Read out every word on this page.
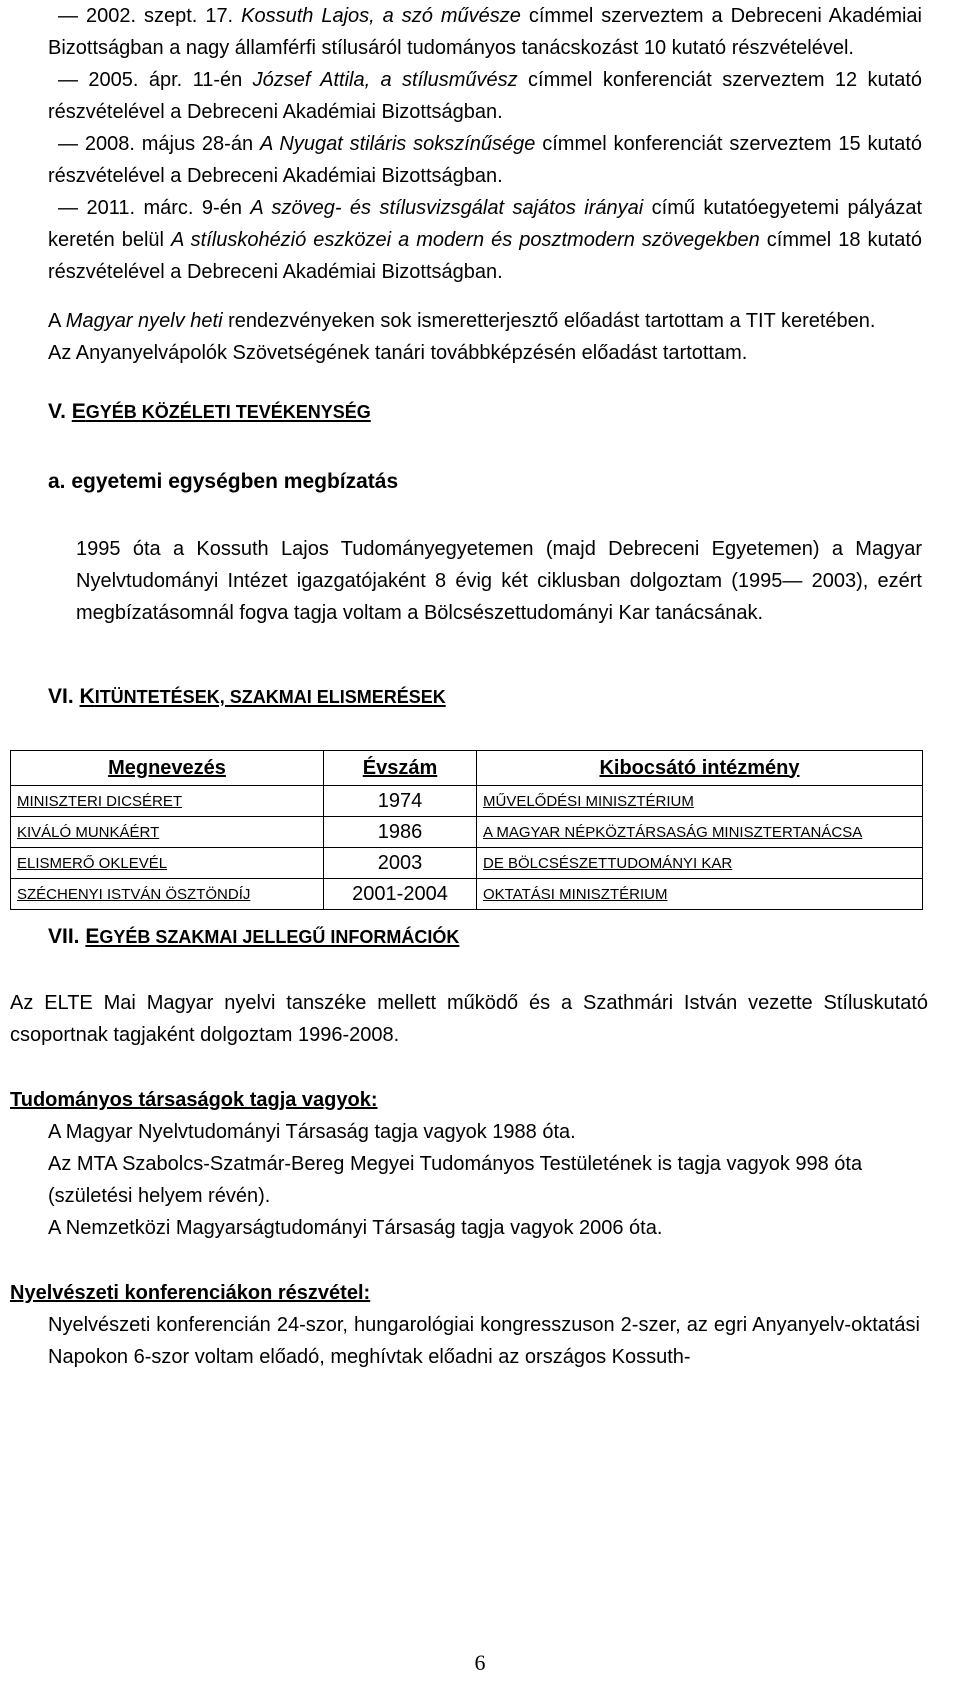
— 2002. szept. 17. Kossuth Lajos, a szó művésze címmel szerveztem a Debreceni Akadémiai Bizottságban a nagy államférfi stílusáról tudományos tanácskozást 10 kutató részvételével.
— 2005. ápr. 11-én József Attila, a stílusművész címmel konferenciát szerveztem 12 kutató részvételével a Debreceni Akadémiai Bizottságban.
— 2008. május 28-án A Nyugat stiláris sokszínűsége címmel konferenciát szerveztem 15 kutató részvételével a Debreceni Akadémiai Bizottságban.
— 2011. márc. 9-én A szöveg- és stílusvizsgálat sajátos irányai című kutatóegyetemi pályázat keretén belül A stíluskohézió eszközei a modern és posztmodern szövegekben címmel 18 kutató részvételével a Debreceni Akadémiai Bizottságban.
A Magyar nyelv heti rendezvényeken sok ismeretterjesztő előadást tartottam a TIT keretében.
Az Anyanyelvápolók Szövetségének tanári továbbképzésén előadást tartottam.
V. EGYÉB KÖZÉLETI TEVÉKENYSÉG
a. egyetemi egységben megbízatás
1995 óta a Kossuth Lajos Tudományegyetemen (majd Debreceni Egyetemen) a Magyar Nyelvtudományi Intézet igazgatójaként 8 évig két ciklusban dolgoztam (1995— 2003), ezért megbízatásomnál fogva tagja voltam a Bölcsészettudományi Kar tanácsának.
VI. KITÜNTETÉSEK, SZAKMAI ELISMERÉSEK
Megnevezés	Évszám	Kibocsátó intézmény
MINISZTERI DICSÉRET	1974	MŰVELŐDÉSI MINISZTÉRIUM
KIVÁLÓ MUNKÁÉRT	1986	A MAGYAR NÉPKÖZTÁRSASÁG MINISZTERTANÁCSA
ELISMERŐ OKLEVÉL	2003	DE BÖLCSÉSZETTUDOMÁNYI KAR
SZÉCHENYI ISTVÁN ÖSZTÖNDÍJ	2001-2004	OKTATÁSI MINISZTÉRIUM
VII. EGYÉB SZAKMAI JELLEGŰ INFORMÁCIÓK
Az ELTE Mai Magyar nyelvi tanszéke mellett működő és a Szathmári István vezette Stíluskutató csoportnak tagjaként dolgoztam 1996-2008.
Tudományos társaságok tagja vagyok:
A Magyar Nyelvtudományi Társaság tagja vagyok 1988 óta.
Az MTA Szabolcs-Szatmár-Bereg Megyei Tudományos Testületének is tagja vagyok 998 óta (születési helyem révén).
A Nemzetközi Magyarságtudományi Társaság tagja vagyok 2006 óta.
Nyelvészeti konferenciákon részvétel:
Nyelvészeti konferencián 24-szor, hungarológiai kongresszuson 2-szer, az egri Anyanyelv-oktatási Napokon 6-szor voltam előadó, meghívtak előadni az országos Kossuth-
6
